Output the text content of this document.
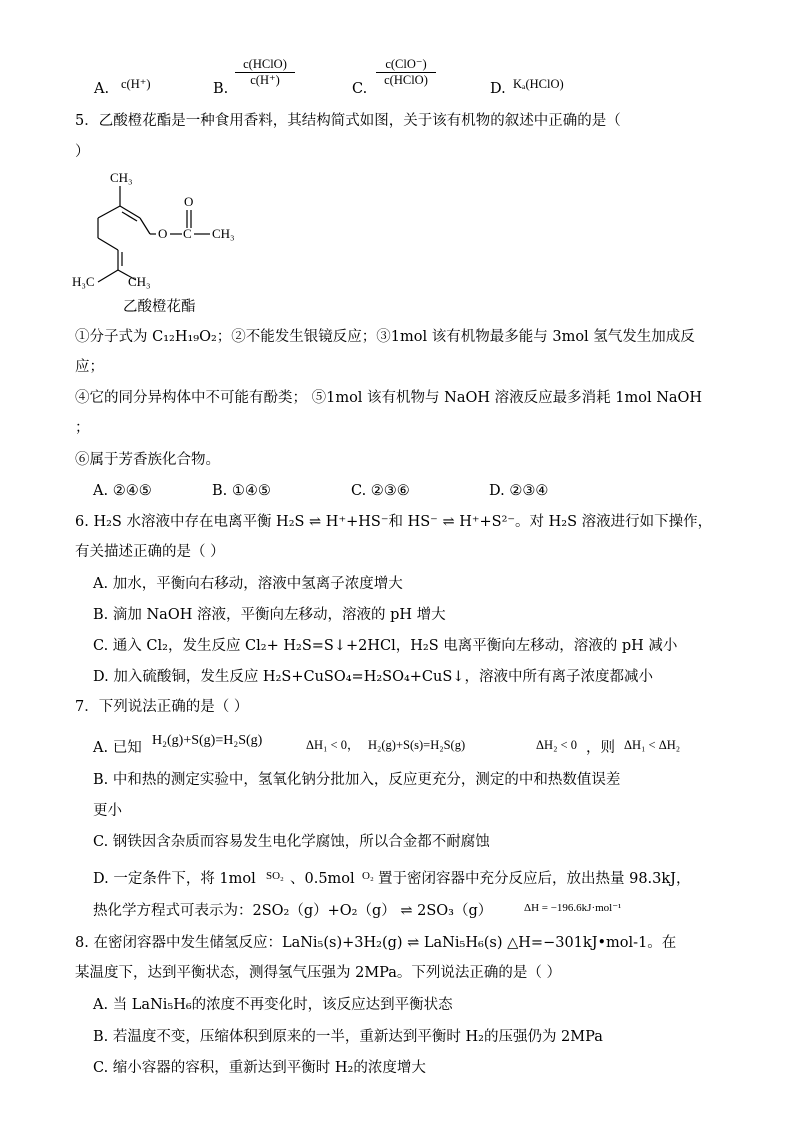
A. c(H⁺)	B.
c(HClO)
c(H⁺)
C.
c(ClO⁻)
c(HClO)
D. Kₐ(HClO)
5．乙酸橙花酯是一种食用香料，其结构简式如图，关于该有机物的叙述中正确的是（
）
CH₃
O
O C CH₃
H₃C	CH₃
乙酸橙花酯
①分子式为 C₁₂H₁₉O₂；②不能发生银镜反应；③1mol 该有机物最多能与 3mol 氢气发生加成反
应；
④它的同分异构体中不可能有酚类； ⑤1mol 该有机物与 NaOH 溶液反应最多消耗 1mol NaOH
；
⑥属于芳香族化合物。
A. ②④⑤	B. ①④⑤	C. ②③⑥	D. ②③④
6. H₂S 水溶液中存在电离平衡 H₂S ⇌ H⁺+HS⁻和 HS⁻ ⇌ H⁺+S²⁻。对 H₂S 溶液进行如下操作，
有关描述正确的是（ ）
A. 加水，平衡向右移动，溶液中氢离子浓度增大
B. 滴加 NaOH 溶液，平衡向左移动，溶液的 pH 增大
C. 通入 Cl₂，发生反应 Cl₂+ H₂S=S↓+2HCl，H₂S 电离平衡向左移动，溶液的 pH 减小
D. 加入硫酸铜，发生反应 H₂S+CuSO₄=H₂SO₄+CuS↓，溶液中所有离子浓度都减小
7．下列说法正确的是（ ）
A. 已知 H₂(g)+S(g)=H₂S(g)	ΔH₁ < 0， H₂(g)+S(s)=H₂S(g)	ΔH₂ < 0 ，则 ΔH₁ < ΔH₂
B. 中和热的测定实验中，氢氧化钠分批加入，反应更充分，测定的中和热数值误差
更小
C. 钢铁因含杂质而容易发生电化学腐蚀，所以合金都不耐腐蚀
D. 一定条件下，将 1mol SO₂ 、0.5mol O₂ 置于密闭容器中充分反应后，放出热量 98.3kJ，
热化学方程式可表示为：2SO₂（g）+O₂（g） ⇌ 2SO₃（g）	ΔH = −196.6kJ·mol⁻¹
8. 在密闭容器中发生储氢反应：LaNi₅(s)+3H₂(g) ⇌ LaNi₅H₆(s) △H=−301kJ•mol-1。在
某温度下，达到平衡状态，测得氢气压强为 2MPa。下列说法正确的是（ ）
A. 当 LaNi₅H₆的浓度不再变化时，该反应达到平衡状态
B. 若温度不变，压缩体积到原来的一半，重新达到平衡时 H₂的压强仍为 2MPa
C. 缩小容器的容积，重新达到平衡时 H₂的浓度增大
